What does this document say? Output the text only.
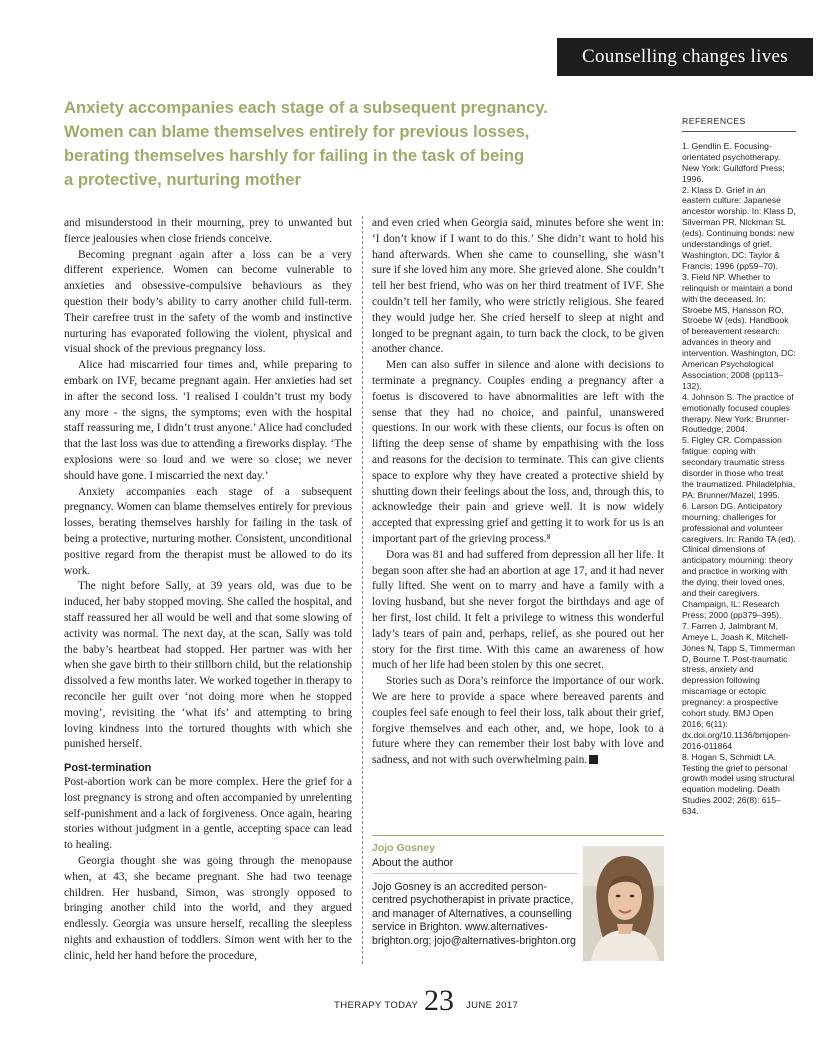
Counselling changes lives
Anxiety accompanies each stage of a subsequent pregnancy.
Women can blame themselves entirely for previous losses,
berating themselves harshly for failing in the task of being
a protective, nurturing mother

and misunderstood in their mourning, prey to unwanted but fierce jealousies when close friends conceive.

Becoming pregnant again after a loss can be a very different experience. Women can become vulnerable to anxieties and obsessive-compulsive behaviours as they question their body’s ability to carry another child full-term. Their carefree trust in the safety of the womb and instinctive nurturing has evaporated following the violent, physical and visual shock of the previous pregnancy loss.

Alice had miscarried four times and, while preparing to embark on IVF, became pregnant again. Her anxieties had set in after the second loss. ‘I realised I couldn’t trust my body any more - the signs, the symptoms; even with the hospital staff reassuring me, I didn’t trust anyone.’ Alice had concluded that the last loss was due to attending a fireworks display. ‘The explosions were so loud and we were so close; we never should have gone. I miscarried the next day.’

Anxiety accompanies each stage of a subsequent pregnancy. Women can blame themselves entirely for previous losses, berating themselves harshly for failing in the task of being a protective, nurturing mother. Consistent, unconditional positive regard from the therapist must be allowed to do its work.

The night before Sally, at 39 years old, was due to be induced, her baby stopped moving. She called the hospital, and staff reassured her all would be well and that some slowing of activity was normal. The next day, at the scan, Sally was told the baby’s heartbeat had stopped. Her partner was with her when she gave birth to their stillborn child, but the relationship dissolved a few months later. We worked together in therapy to reconcile her guilt over ‘not doing more when he stopped moving’, revisiting the ‘what ifs’ and attempting to bring loving kindness into the tortured thoughts with which she punished herself.

Post-termination

Post-abortion work can be more complex. Here the grief for a lost pregnancy is strong and often accompanied by unrelenting self-punishment and a lack of forgiveness. Once again, hearing stories without judgment in a gentle, accepting space can lead to healing.

Georgia thought she was going through the menopause when, at 43, she became pregnant. She had two teenage children. Her husband, Simon, was strongly opposed to bringing another child into the world, and they argued endlessly. Georgia was unsure herself, recalling the sleepless nights and exhaustion of toddlers. Simon went with her to the clinic, held her hand before the procedure,

and even cried when Georgia said, minutes before she went in: ‘I don’t know if I want to do this.’ She didn’t want to hold his hand afterwards. When she came to counselling, she wasn’t sure if she loved him any more. She grieved alone. She couldn’t tell her best friend, who was on her third treatment of IVF. She couldn’t tell her family, who were strictly religious. She feared they would judge her. She cried herself to sleep at night and longed to be pregnant again, to turn back the clock, to be given another chance.

Men can also suffer in silence and alone with decisions to terminate a pregnancy. Couples ending a pregnancy after a foetus is discovered to have abnormalities are left with the sense that they had no choice, and painful, unanswered questions. In our work with these clients, our focus is often on lifting the deep sense of shame by empathising with the loss and reasons for the decision to terminate. This can give clients space to explore why they have created a protective shield by shutting down their feelings about the loss, and, through this, to acknowledge their pain and grieve well. It is now widely accepted that expressing grief and getting it to work for us is an important part of the grieving process.⁸

Dora was 81 and had suffered from depression all her life. It began soon after she had an abortion at age 17, and it had never fully lifted. She went on to marry and have a family with a loving husband, but she never forgot the birthdays and age of her first, lost child. It felt a privilege to witness this wonderful lady’s tears of pain and, perhaps, relief, as she poured out her story for the first time. With this came an awareness of how much of her life had been stolen by this one secret.

Stories such as Dora’s reinforce the importance of our work. We are here to provide a space where bereaved parents and couples feel safe enough to feel their loss, talk about their grief, forgive themselves and each other, and, we hope, look to a future where they can remember their lost baby with love and sadness, and not with such overwhelming pain.

Jojo Gosney
About the author
Jojo Gosney is an accredited person-centred psychotherapist in private practice, and manager of Alternatives, a counselling service in Brighton. www.alternatives-brighton.org; jojo@alternatives-brighton.org
REFERENCES
1. Gendlin E. Focusing-orientated psychotherapy. New York: Guildford Press; 1996.
2. Klass D. Grief in an eastern culture: Japanese ancestor worship. In: Klass D, Silverman PR, Nickman SL (eds). Continuing bonds: new understandings of grief. Washington, DC: Taylor & Francis; 1996 (pp59–70).
3. Field NP. Whether to relinquish or maintain a bond with the deceased. In: Stroebe MS, Hansson RO, Stroebe W (eds). Handbook of bereavement research: advances in theory and intervention. Washington, DC: American Psychological Association; 2008 (pp113–132).
4. Johnson S. The practice of emotionally focused couples therapy. New York: Brunner-Routledge; 2004.
5. Figley CR. Compassion fatigue: coping with secondary traumatic stress disorder in those who treat the traumatized. Philadelphia, PA: Brunner/Mazel; 1995.
6. Larson DG. Anticipatory mourning: challenges for professional and volunteer caregivers. In: Rando TA (ed). Clinical dimensions of anticipatory mourning: theory and practice in working with the dying, their loved ones, and their caregivers. Champaign, IL: Research Press; 2000 (pp379–395).
7. Farren J, Jalmbrant M, Ameye L, Joash K, Mitchell-Jones N, Tapp S, Timmerman D, Bourne T. Post-traumatic stress, anxiety and depression following miscarriage or ectopic pregnancy: a prospective cohort study. BMJ Open 2016; 6(11): dx.doi.org/10.1136/bmjopen-2016-011864
8. Hogan S, Schmidt LA. Testing the grief to personal growth model using structural equation modeling. Death Studies 2002; 26(8): 615–634.
THERAPY TODAY 23 JUNE 2017
